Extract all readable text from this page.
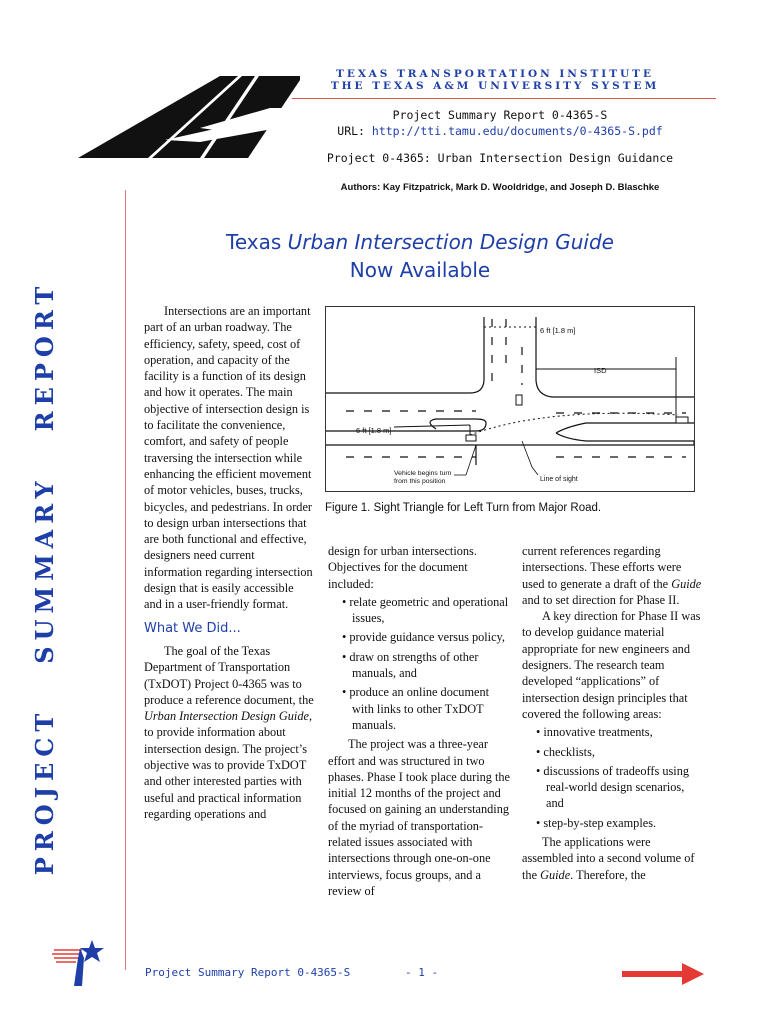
TEXAS TRANSPORTATION INSTITUTE
THE TEXAS A&M UNIVERSITY SYSTEM
Project Summary Report 0-4365-S
URL: http://tti.tamu.edu/documents/0-4365-S.pdf
Project 0-4365: Urban Intersection Design Guidance
Authors: Kay Fitzpatrick, Mark D. Wooldridge, and Joseph D. Blaschke
PROJECTSUMMARYREPORT
Texas Urban Intersection Design Guide
Now Available

Intersections are an important part of an urban roadway. The efficiency, safety, speed, cost of operation, and capacity of the facility is a function of its design and how it operates. The main objective of intersection design is to facilitate the convenience, comfort, and safety of people traversing the intersection while enhancing the efficient movement of motor vehicles, buses, trucks, bicycles, and pedestrians. In order to design urban intersections that are both functional and effective, designers need current information regarding intersection design that is easily accessible and in a user-friendly format.

What We Did...

The goal of the Texas Department of Transportation (TxDOT) Project 0-4365 was to produce a reference document, the Urban Intersection Design Guide, to provide information about intersection design. The project’s objective was to provide TxDOT and other interested parties with useful and practical information regarding operations and

6 ft [1.8 m]
ISD
6 ft [1.8 m]
Vehicle begins turn
from this position	Line of sight
Figure 1. Sight Triangle for Left Turn from Major Road.

design for urban intersections. Objectives for the document included:

• relate geometric and operational issues,
• provide guidance versus policy,
• draw on strengths of other manuals, and
• produce an online document with links to other TxDOT manuals.

The project was a three-year effort and was structured in two phases. Phase I took place during the initial 12 months of the project and focused on gaining an understanding of the myriad of transportation-related issues associated with intersections through one-on-one interviews, focus groups, and a review of

current references regarding intersections. These efforts were used to generate a draft of the Guide and to set direction for Phase II.

A key direction for Phase II was to develop guidance material appropriate for new engineers and designers. The research team developed “applications” of intersection design principles that covered the following areas:

• innovative treatments,
• checklists,
• discussions of tradeoffs using real-world design scenarios, and
• step-by-step examples.

The applications were assembled into a second volume of the Guide. Therefore, the

Project Summary Report 0-4365-S	- 1 -
